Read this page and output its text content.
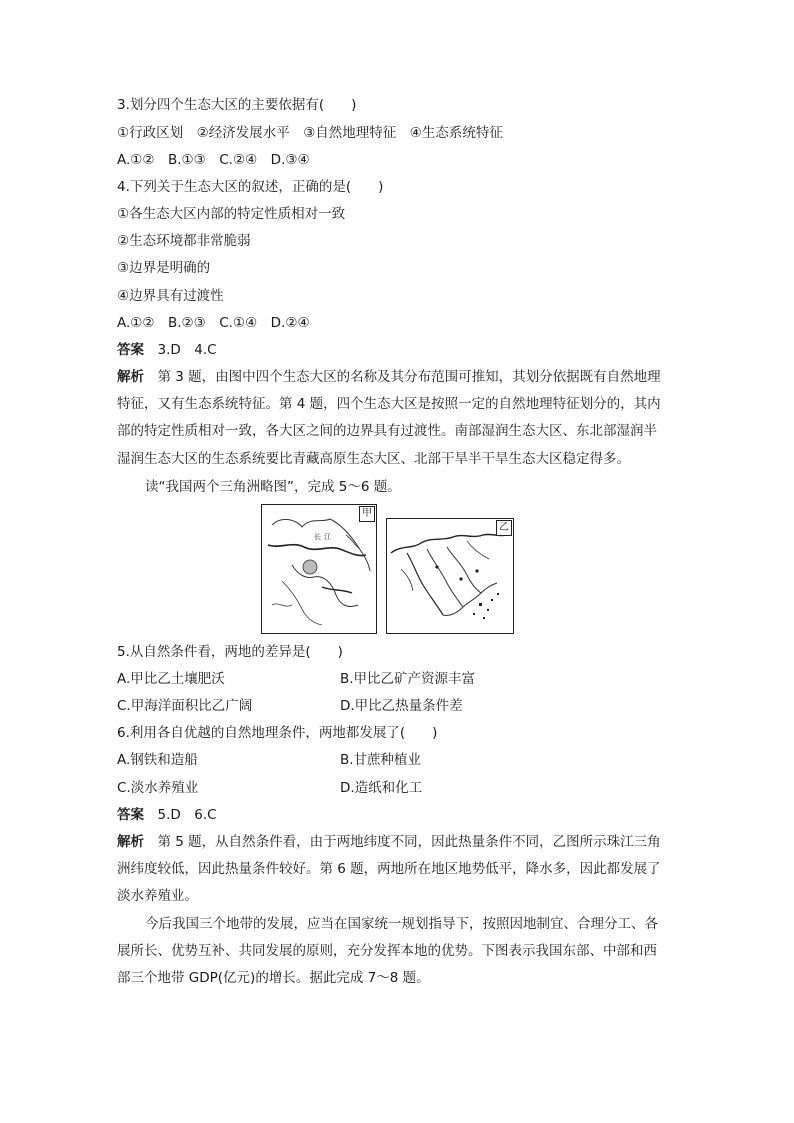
3.划分四个生态大区的主要依据有(　　)
①行政区划　②经济发展水平　③自然地理特征　④生态系统特征
A.①②　B.①③　C.②④　D.③④
4.下列关于生态大区的叙述，正确的是(　　)
①各生态大区内部的特定性质相对一致
②生态环境都非常脆弱
③边界是明确的
④边界具有过渡性
A.①②　B.②③　C.①④　D.②④
答案　 3.D　4.C
解析　 第 3 题，由图中四个生态大区的名称及其分布范围可推知，其划分依据既有自然地理
特征，又有生态系统特征。第 4 题，四个生态大区是按照一定的自然地理特征划分的，其内
部的特定性质相对一致，各大区之间的边界具有过渡性。南部湿润生态大区、东北部湿润半
湿润生态大区的生态系统要比青藏高原生态大区、北部干旱半干旱生态大区稳定得多。
读“我国两个三角洲略图”，完成 5～6 题。
长 江
甲
乙
5.从自然条件看，两地的差异是(　　)
A.甲比乙土壤肥沃	B.甲比乙矿产资源丰富
C.甲海洋面积比乙广阔	D.甲比乙热量条件差
6.利用各自优越的自然地理条件，两地都发展了(　　)
A.钢铁和造船	B.甘蔗种植业
C.淡水养殖业	D.造纸和化工
答案　 5.D　6.C
解析　 第 5 题，从自然条件看，由于两地纬度不同，因此热量条件不同，乙图所示珠江三角
洲纬度较低，因此热量条件较好。第 6 题，两地所在地区地势低平，降水多，因此都发展了
淡水养殖业。
今后我国三个地带的发展，应当在国家统一规划指导下，按照因地制宜、合理分工、各
展所长、优势互补、共同发展的原则，充分发挥本地的优势。下图表示我国东部、中部和西
部三个地带 GDP(亿元)的增长。据此完成 7～8 题。
